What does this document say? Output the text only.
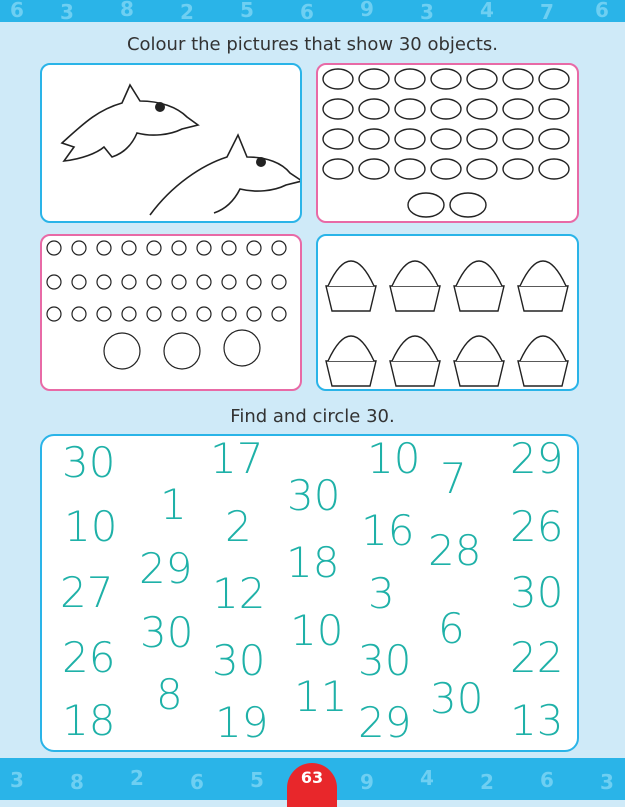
6 3 8 2 5 6 9 3 4 7 6
Colour the pictures that show 30 objects.
Find and circle 30.
30 17 10 7 29
1 30
10	2	16 26
28
29 18
27 12 3	30
30 10 6
26 30 30 22
8	11 30
18 19 29 13
3 8 2 6 5	9 4 2 6 3
63
